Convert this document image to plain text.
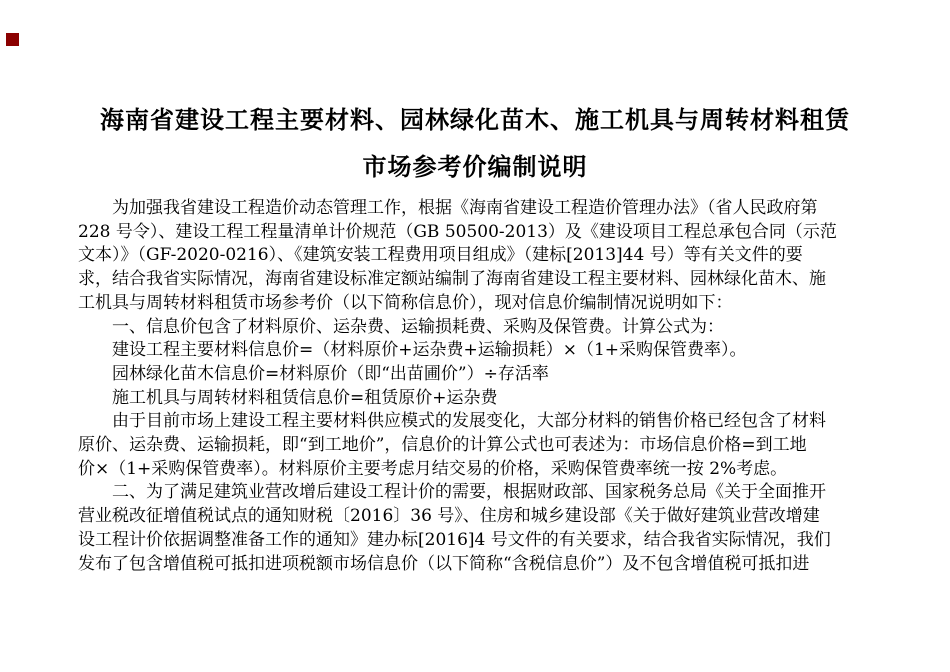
海南省建设工程主要材料、园林绿化苗木、施工机具与周转材料租赁
市场参考价编制说明
为加强我省建设工程造价动态管理工作，根据《海南省建设工程造价管理办法》（省人民政府第
228 号令）、建设工程工程量清单计价规范（GB 50500-2013）及《建设项目工程总承包合同（示范
文本）》（GF-2020-0216）、《建筑安装工程费用项目组成》（建标[2013]44 号）等有关文件的要
求，结合我省实际情况，海南省建设标准定额站编制了海南省建设工程主要材料、园林绿化苗木、施
工机具与周转材料租赁市场参考价（以下简称信息价），现对信息价编制情况说明如下：
一、信息价包含了材料原价、运杂费、运输损耗费、采购及保管费。计算公式为：
建设工程主要材料信息价=（材料原价+运杂费+运输损耗）×（1+采购保管费率）。
园林绿化苗木信息价=材料原价（即“出苗圃价”）÷存活率
施工机具与周转材料租赁信息价=租赁原价+运杂费
由于目前市场上建设工程主要材料供应模式的发展变化，大部分材料的销售价格已经包含了材料
原价、运杂费、运输损耗，即“到工地价”，信息价的计算公式也可表述为：市场信息价格=到工地
价×（1+采购保管费率）。材料原价主要考虑月结交易的价格，采购保管费率统一按 2%考虑。
二、为了满足建筑业营改增后建设工程计价的需要，根据财政部、国家税务总局《关于全面推开
营业税改征增值税试点的通知财税〔2016〕36 号》、住房和城乡建设部《关于做好建筑业营改增建
设工程计价依据调整准备工作的通知》建办标[2016]4 号文件的有关要求，结合我省实际情况，我们
发布了包含增值税可抵扣进项税额市场信息价（以下简称“含税信息价”）及不包含增值税可抵扣进
